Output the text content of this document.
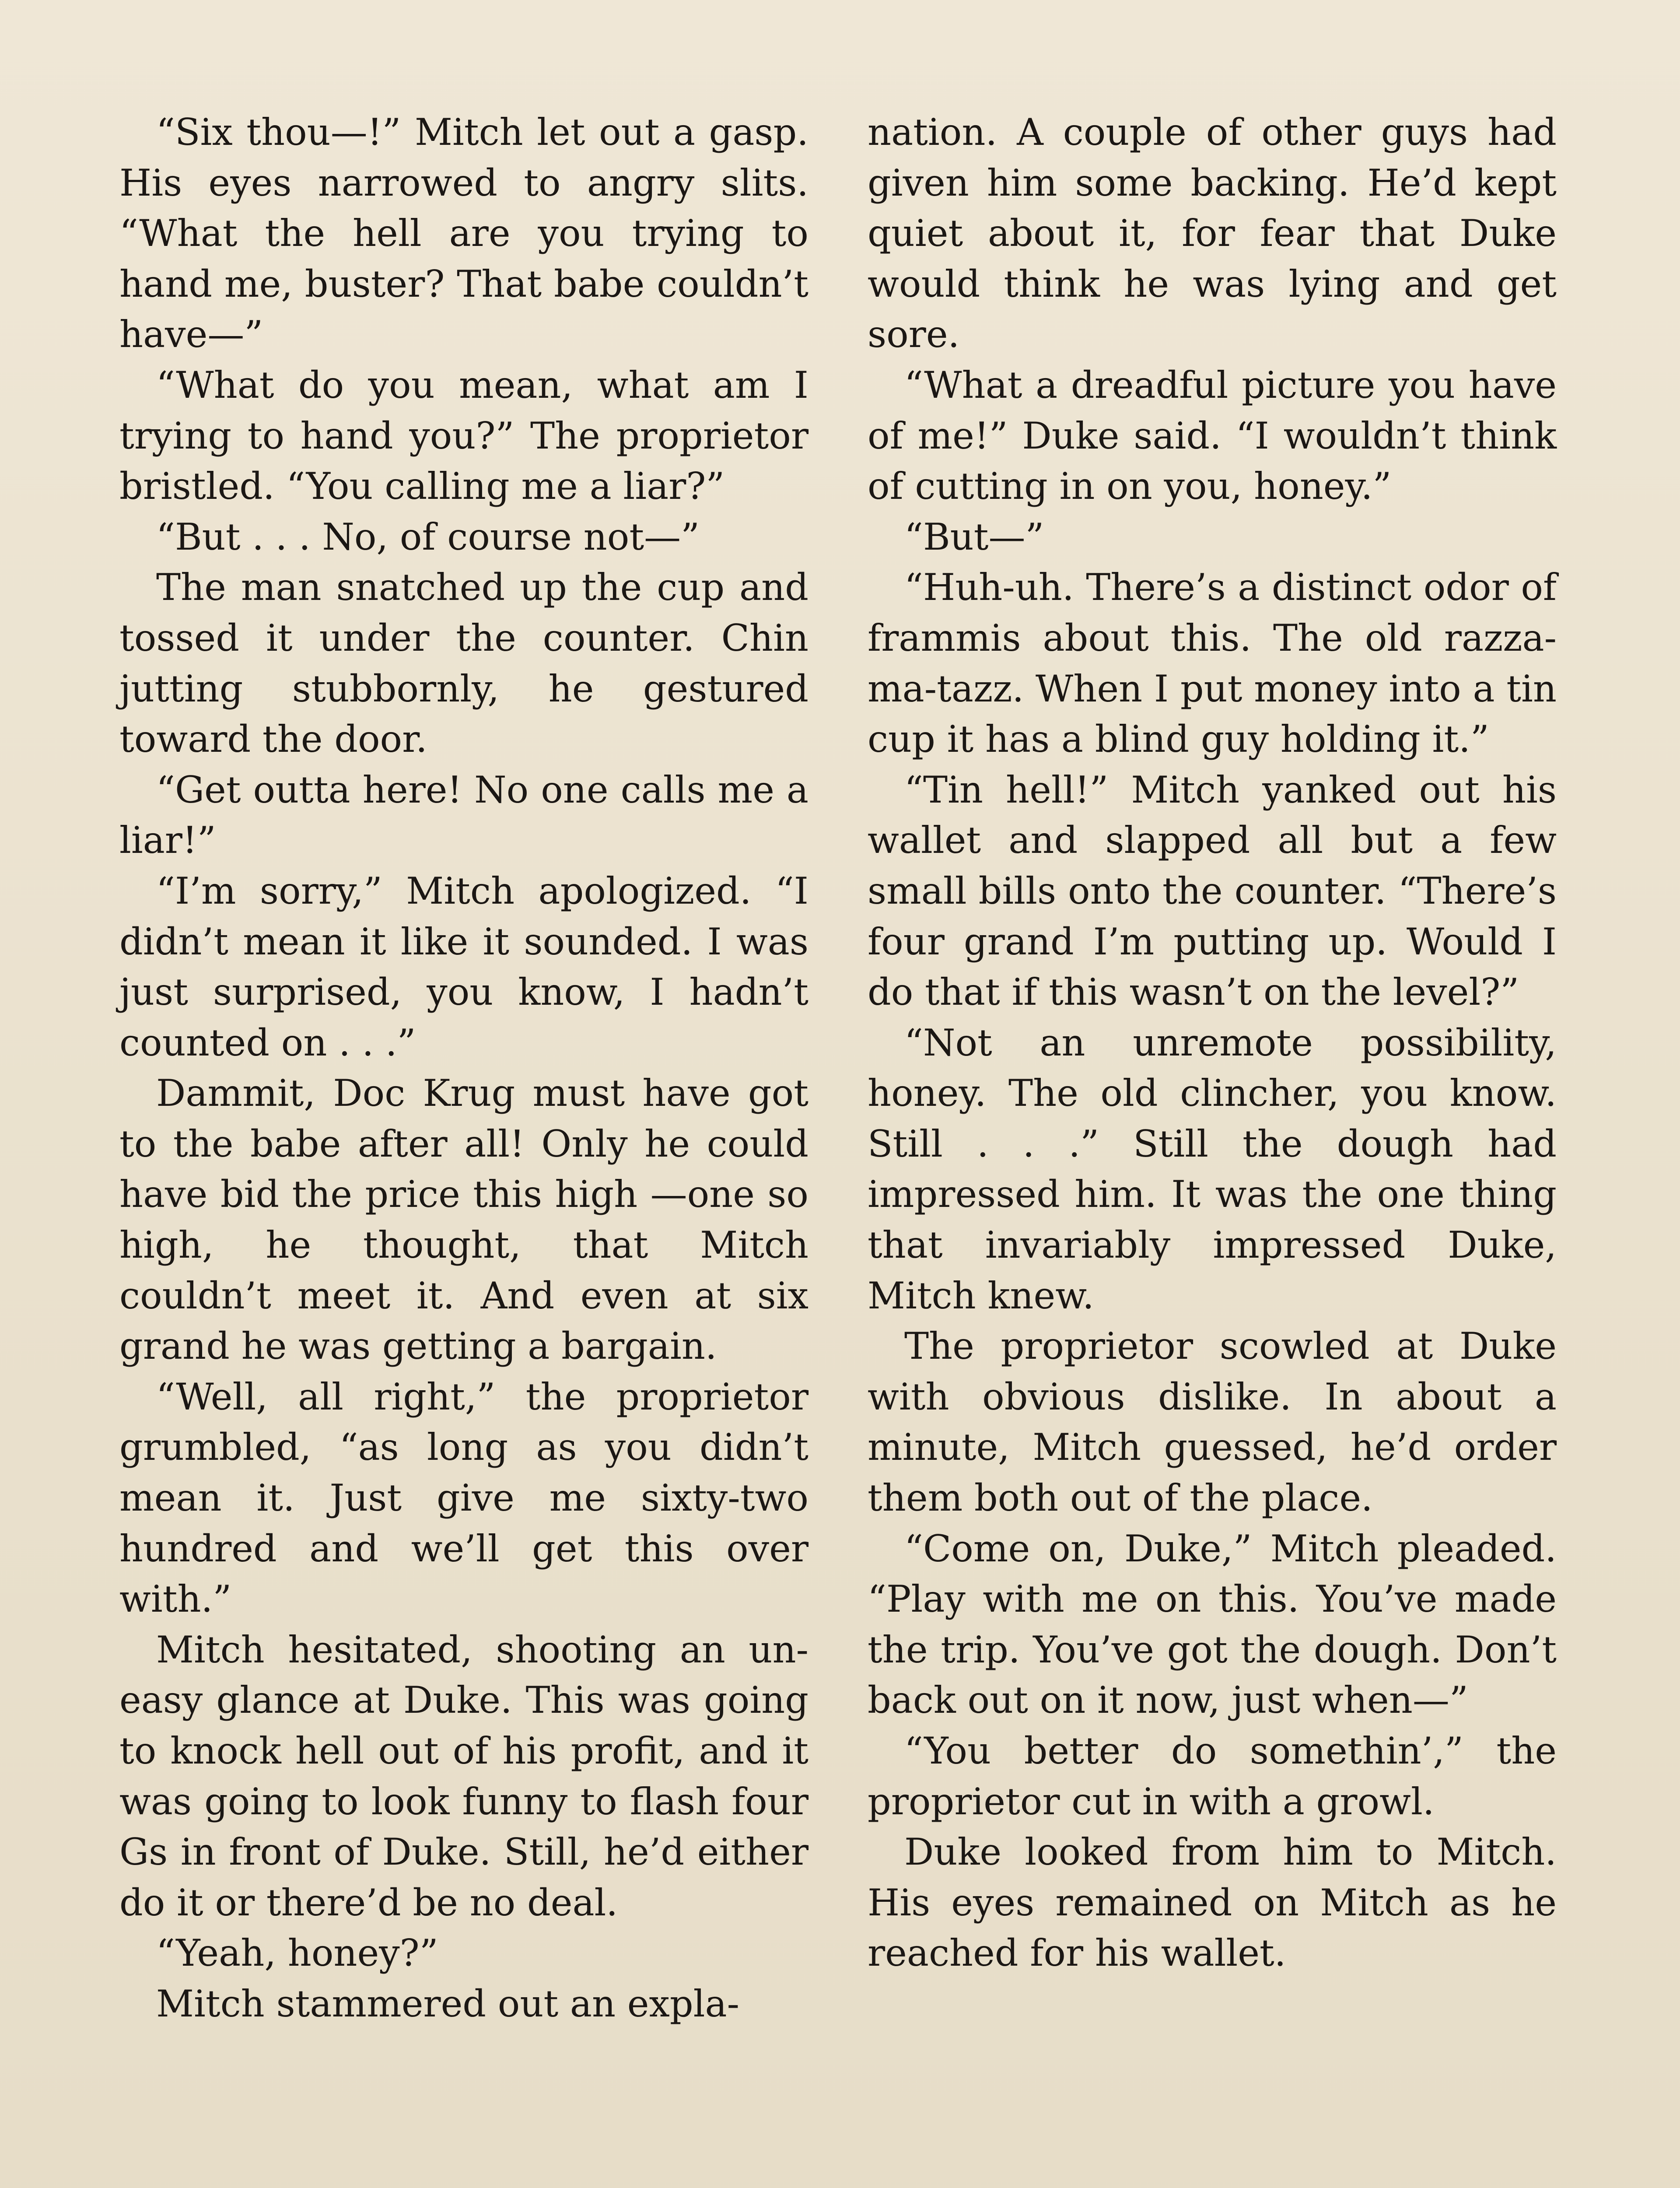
“Six thou—!” Mitch let out a gasp. His eyes narrowed to angry slits. “What the hell are you trying to hand me, buster? That babe couldn’t have—”

“What do you mean, what am I trying to hand you?” The proprietor bristled. “You calling me a liar?”

“But . . . No, of course not—”

The man snatched up the cup and tossed it under the counter. Chin jutting stubbornly, he gestured toward the door.

“Get outta here! No one calls me a liar!”

“I’m sorry,” Mitch apologized. “I didn’t mean it like it sounded. I was just surprised, you know, I hadn’t counted on . . .”

Dammit, Doc Krug must have got to the babe after all! Only he could have bid the price this high —one so high, he thought, that Mitch couldn’t meet it. And even at six grand he was getting a bargain.

“Well, all right,” the proprietor grumbled, “as long as you didn’t mean it. Just give me sixty-two hundred and we’ll get this over with.”

Mitch hesitated, shooting an uneasy glance at Duke. This was going to knock hell out of his profit, and it was going to look funny to flash four Gs in front of Duke. Still, he’d either do it or there’d be no deal.

“Yeah, honey?”

Mitch stammered out an expla-

nation. A couple of other guys had given him some backing. He’d kept quiet about it, for fear that Duke would think he was lying and get sore.

“What a dreadful picture you have of me!” Duke said. “I wouldn’t think of cutting in on you, honey.”

“But—”

“Huh-uh. There’s a distinct odor of frammis about this. The old razza-ma-tazz. When I put money into a tin cup it has a blind guy holding it.”

“Tin hell!” Mitch yanked out his wallet and slapped all but a few small bills onto the counter. “There’s four grand I’m putting up. Would I do that if this wasn’t on the level?”

“Not an unremote possibility, honey. The old clincher, you know. Still . . .” Still the dough had impressed him. It was the one thing that invariably impressed Duke, Mitch knew.

The proprietor scowled at Duke with obvious dislike. In about a minute, Mitch guessed, he’d order them both out of the place.

“Come on, Duke,” Mitch pleaded. “Play with me on this. You’ve made the trip. You’ve got the dough. Don’t back out on it now, just when—”

“You better do somethin’,” the proprietor cut in with a growl.

Duke looked from him to Mitch. His eyes remained on Mitch as he reached for his wallet.
